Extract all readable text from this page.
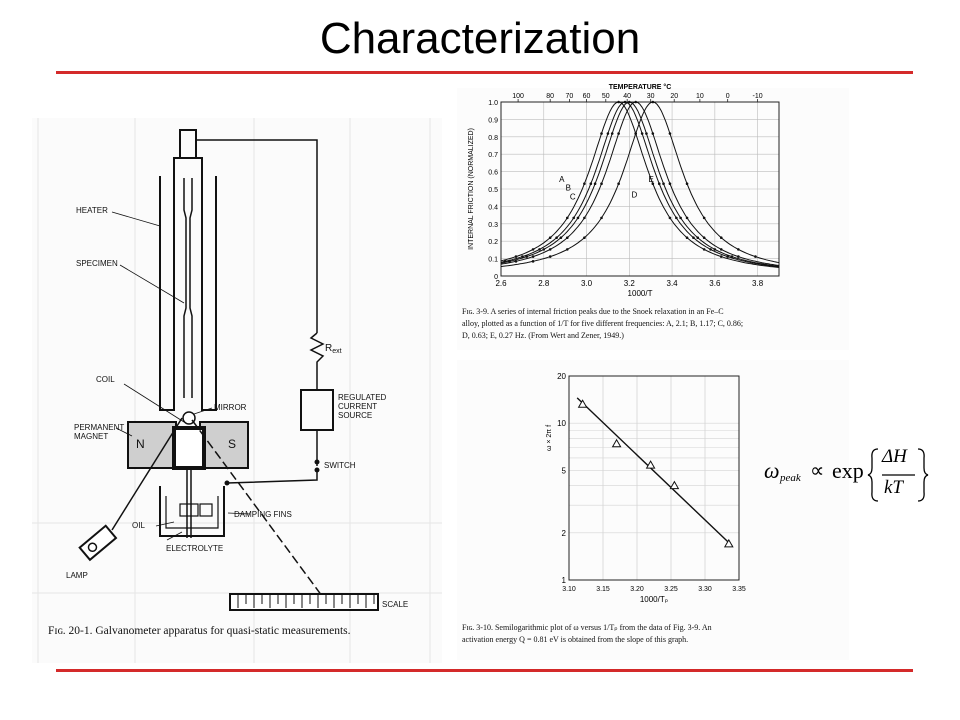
Characterization
HEATER
SPECIMEN
COIL
MIRROR
PERMANENT
MAGNET
N	S
$R_{ext}$
REGULATED
CURRENT
SOURCE
SWITCH
DAMPING FINS
OIL
ELECTROLYTE
LAMP
SCALE
Fɪɢ. 20-1. Galvanometer apparatus for quasi-static measurements.
2.6	2.8	3.0	3.2	3.4	3.6	3.8
0
0.1
0.2
0.3
0.4
0.5
0.6
0.7
0.8
0.9
1.0
100	80 70 60 50 40 30 20	10	0	-10
TEMPERATURE °C
1000/T
INTERNAL FRICTION (NORMALIZED)	A
B
C	D
E
Fɪɢ. 3-9. A series of internal friction peaks due to the Snoek relaxation in an Fe–C
alloy, plotted as a function of 1/T for five different frequencies: A, 2.1; B, 1.17; C, 0.86;
D, 0.63; E, 0.27 Hz. (From Wert and Zener, 1949.)
3.10	3.15	3.20	3.25	3.30	3.35
1
2
5
10
20
1000/Tₚ
ω × 2π f
Fɪɢ. 3-10. Semilogarithmic plot of ω versus 1/Tₚ from the data of Fig. 3-9. An
activation energy Q = 0.81 eV is obtained from the slope of this graph.
ω peak ∝ exp
ΔH
kT
